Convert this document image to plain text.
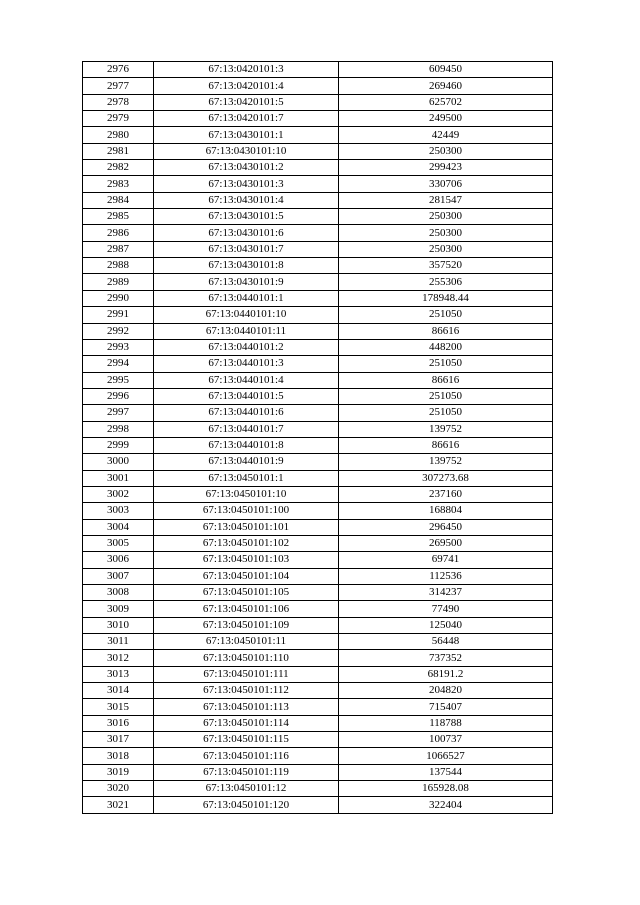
2976	67:13:0420101:3	609450
2977	67:13:0420101:4	269460
2978	67:13:0420101:5	625702
2979	67:13:0420101:7	249500
2980	67:13:0430101:1	42449
2981	67:13:0430101:10	250300
2982	67:13:0430101:2	299423
2983	67:13:0430101:3	330706
2984	67:13:0430101:4	281547
2985	67:13:0430101:5	250300
2986	67:13:0430101:6	250300
2987	67:13:0430101:7	250300
2988	67:13:0430101:8	357520
2989	67:13:0430101:9	255306
2990	67:13:0440101:1	178948.44
2991	67:13:0440101:10	251050
2992	67:13:0440101:11	86616
2993	67:13:0440101:2	448200
2994	67:13:0440101:3	251050
2995	67:13:0440101:4	86616
2996	67:13:0440101:5	251050
2997	67:13:0440101:6	251050
2998	67:13:0440101:7	139752
2999	67:13:0440101:8	86616
3000	67:13:0440101:9	139752
3001	67:13:0450101:1	307273.68
3002	67:13:0450101:10	237160
3003	67:13:0450101:100	168804
3004	67:13:0450101:101	296450
3005	67:13:0450101:102	269500
3006	67:13:0450101:103	69741
3007	67:13:0450101:104	112536
3008	67:13:0450101:105	314237
3009	67:13:0450101:106	77490
3010	67:13:0450101:109	125040
3011	67:13:0450101:11	56448
3012	67:13:0450101:110	737352
3013	67:13:0450101:111	68191.2
3014	67:13:0450101:112	204820
3015	67:13:0450101:113	715407
3016	67:13:0450101:114	118788
3017	67:13:0450101:115	100737
3018	67:13:0450101:116	1066527
3019	67:13:0450101:119	137544
3020	67:13:0450101:12	165928.08
3021	67:13:0450101:120	322404
